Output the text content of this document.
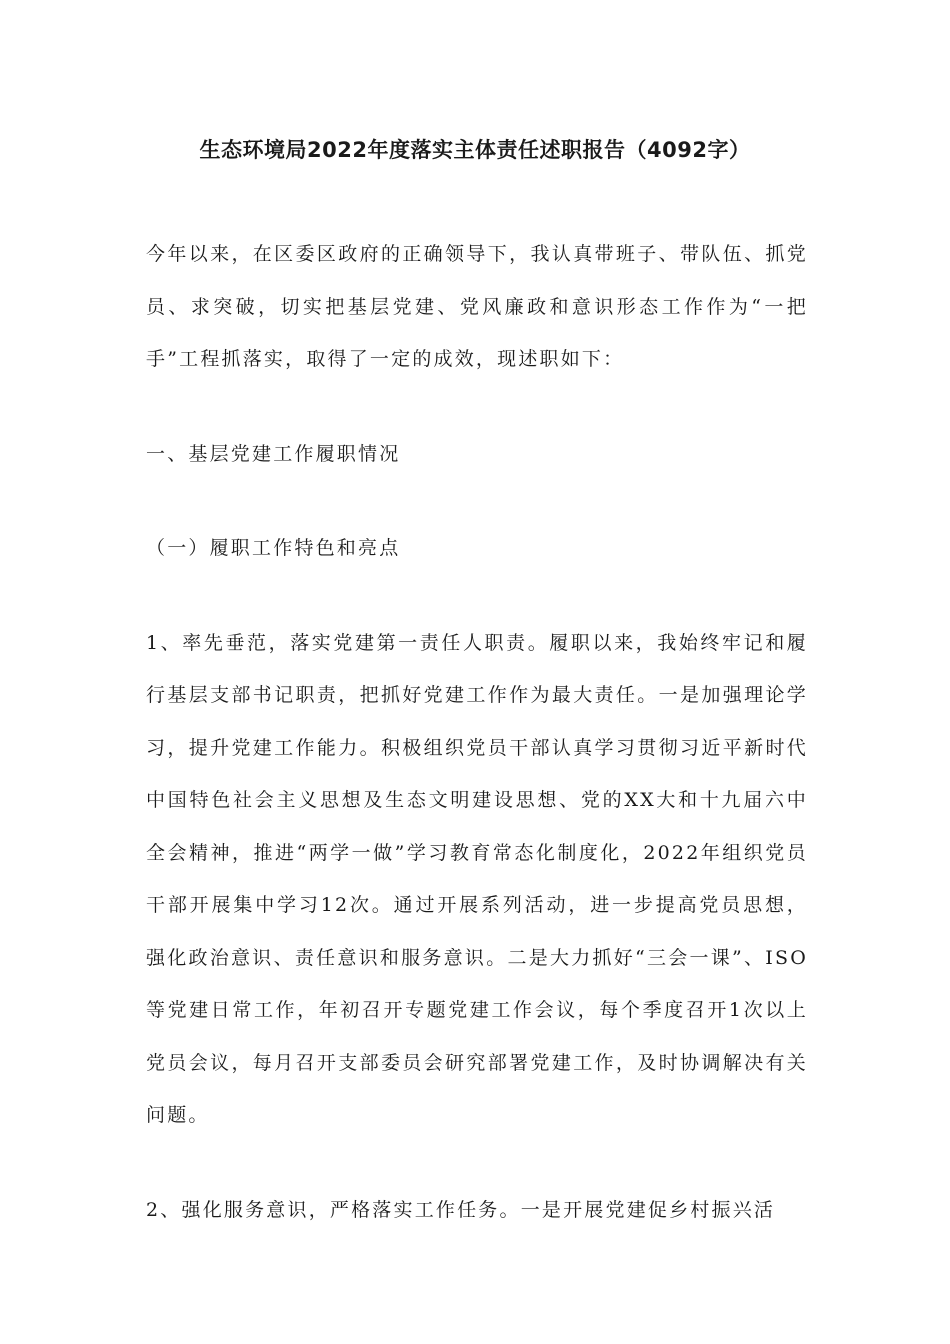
生态环境局2022年度落实主体责任述职报告（4092字）

今年以来，在区委区政府的正确领导下，我认真带班子、带队伍、抓党员、求突破，切实把基层党建、党风廉政和意识形态工作作为“一把手”工程抓落实，取得了一定的成效，现述职如下：

一、基层党建工作履职情况

（一）履职工作特色和亮点

1、率先垂范，落实党建第一责任人职责。履职以来，我始终牢记和履行基层支部书记职责，把抓好党建工作作为最大责任。一是加强理论学习，提升党建工作能力。积极组织党员干部认真学习贯彻习近平新时代中国特色社会主义思想及生态文明建设思想、党的XX大和十九届六中全会精神，推进“两学一做”学习教育常态化制度化，2022年组织党员干部开展集中学习12次。通过开展系列活动，进一步提高党员思想，强化政治意识、责任意识和服务意识。二是大力抓好“三会一课”、ISO等党建日常工作，年初召开专题党建工作会议，每个季度召开1次以上党员会议，每月召开支部委员会研究部署党建工作，及时协调解决有关问题。

2、强化服务意识，严格落实工作任务。一是开展党建促乡村振兴活
